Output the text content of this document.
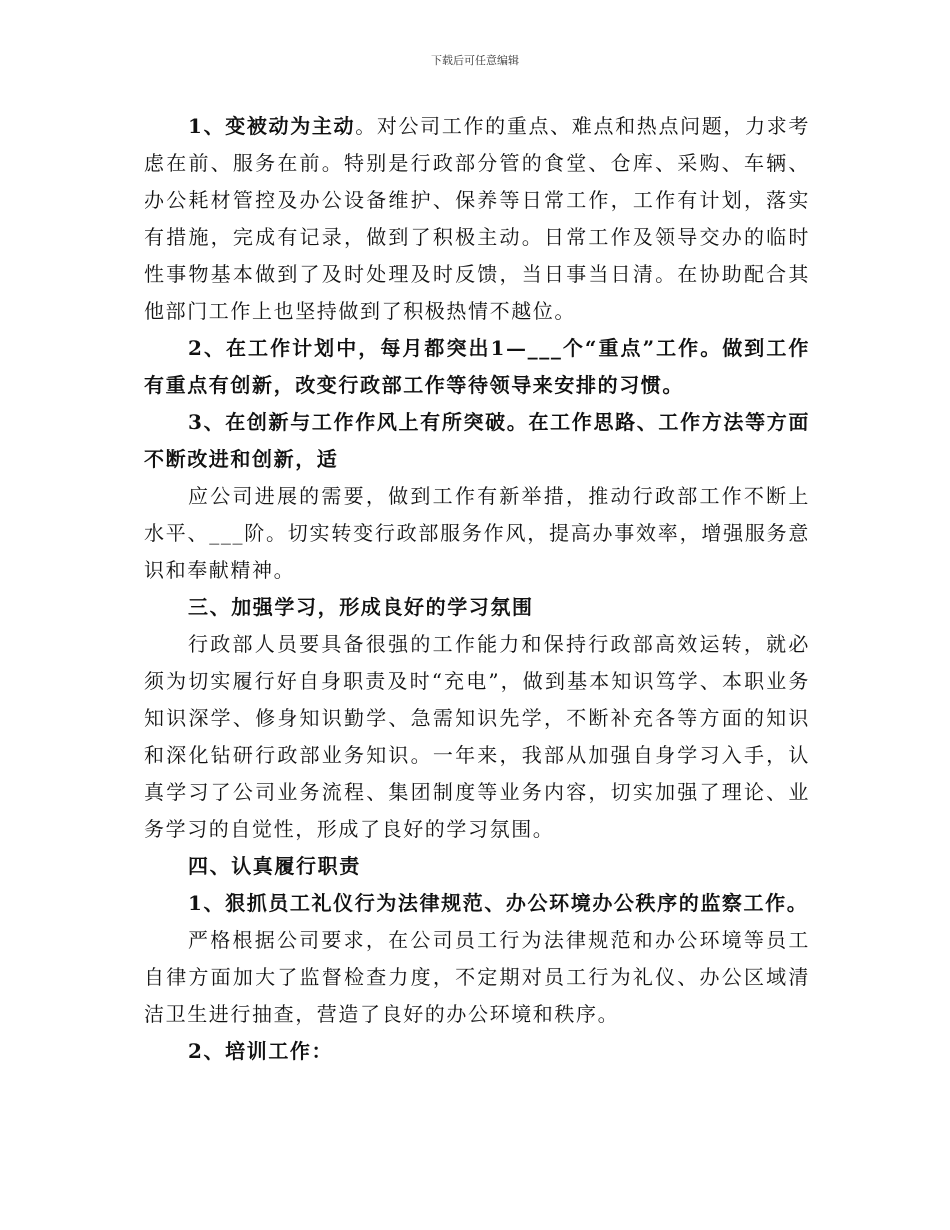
下载后可任意编辑

1、变被动为主动。对公司工作的重点、难点和热点问题，力求考虑在前、服务在前。特别是行政部分管的食堂、仓库、采购、车辆、办公耗材管控及办公设备维护、保养等日常工作，工作有计划，落实有措施，完成有记录，做到了积极主动。日常工作及领导交办的临时性事物基本做到了及时处理及时反馈，当日事当日清。在协助配合其他部门工作上也坚持做到了积极热情不越位。

2、在工作计划中，每月都突出1—___个“重点”工作。做到工作有重点有创新，改变行政部工作等待领导来安排的习惯。

3、在创新与工作作风上有所突破。在工作思路、工作方法等方面不断改进和创新，适

应公司进展的需要，做到工作有新举措，推动行政部工作不断上水平、___阶。切实转变行政部服务作风，提高办事效率，增强服务意识和奉献精神。

三、加强学习，形成良好的学习氛围

行政部人员要具备很强的工作能力和保持行政部高效运转，就必须为切实履行好自身职责及时“充电”，做到基本知识笃学、本职业务知识深学、修身知识勤学、急需知识先学，不断补充各等方面的知识和深化钻研行政部业务知识。一年来，我部从加强自身学习入手，认真学习了公司业务流程、集团制度等业务内容，切实加强了理论、业务学习的自觉性，形成了良好的学习氛围。

四、认真履行职责

1、狠抓员工礼仪行为法律规范、办公环境办公秩序的监察工作。

严格根据公司要求，在公司员工行为法律规范和办公环境等员工自律方面加大了监督检查力度，不定期对员工行为礼仪、办公区域清洁卫生进行抽查，营造了良好的办公环境和秩序。

2、培训工作：
